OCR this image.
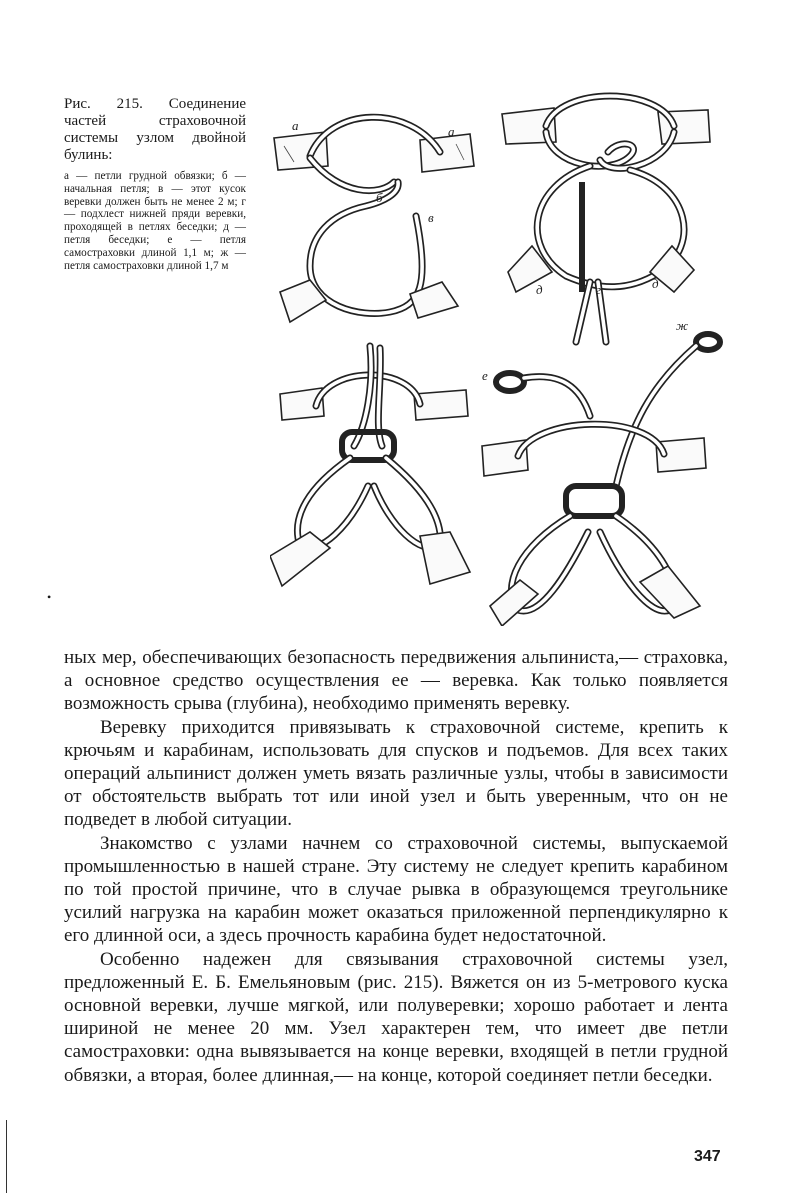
Рис. 215. Соединение частей страховочной системы узлом двойной булинь:

а — петли грудной обвязки; б — начальная петля; в — этот кусок веревки должен быть не менее 2 м; г — подхлест нижней пряди веревки, проходящей в петлях беседки; д — петля беседки; е — петля самостраховки длиной 1,1 м; ж — петля самостраховки длиной 1,7 м
а	а
б
в
д	г	д
е
ж
•

ных мер, обеспечивающих безопасность передвижения альпиниста,— страховка, а основное средство осуществления ее — веревка. Как только появляется возможность срыва (глубина), необходимо применять веревку.

Веревку приходится привязывать к страховочной системе, крепить к крючьям и карабинам, использовать для спусков и подъемов. Для всех таких операций альпинист должен уметь вязать различные узлы, чтобы в зависимости от обстоятельств выбрать тот или иной узел и быть уверенным, что он не подведет в любой ситуации.

Знакомство с узлами начнем со страховочной системы, выпускаемой промышленностью в нашей стране. Эту систему не следует крепить карабином по той простой причине, что в случае рывка в образующемся треугольнике усилий нагрузка на карабин может оказаться приложенной перпендикулярно к его длинной оси, а здесь прочность карабина будет недостаточной.

Особенно надежен для связывания страховочной системы узел, предложенный Е. Б. Емельяновым (рис. 215). Вяжется он из 5-метрового куска основной веревки, лучше мягкой, или полуверевки; хорошо работает и лента шириной не менее 20 мм. Узел характерен тем, что имеет две петли самостраховки: одна вывязывается на конце веревки, входящей в петли грудной обвязки, а вторая, более длинная,— на конце, которой соединяет петли беседки.

347
